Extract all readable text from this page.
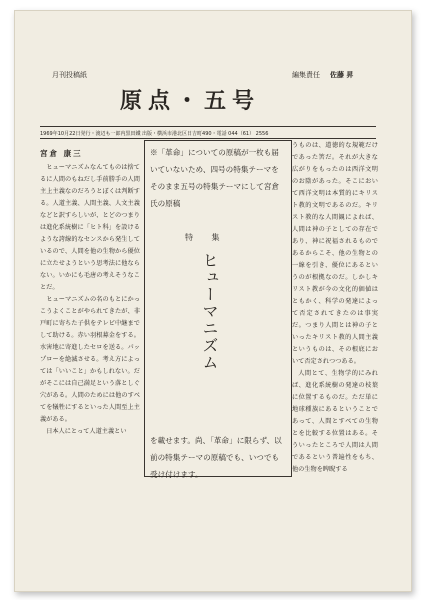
月刊投稿紙	編集責任 佐藤 昇
原点・五号
1969年10月22日発行・渡辺も一郎内黒田鐵 出版・横浜市港北区日吉町490・電話 044（61） 2556
宮倉 康三

ヒューマニズムなんてものは捨てるに人間のもねだし手前勝手の人間主上主義なのだろうとぼくは判断する。人道主義、人間主義、人文主義などと訳すらしいが、とどのつまりは進化系統樹に「ヒト科」を設けるような誇線的なセンスから発生しているので、人間を他の生物から優位に立たせようという思考法に他ならない。いかにも毛唐の考えそうなことだ。

ヒューマニズムの名のもとにかっこうよくことがやられてきたが、非戸町に寄ちた子供をテレビ中継までして助ける。赤い羽根募金をする。水害地に寄進したセロを送る。パップローを絶滅させる。考え方によっては「いいこと」かもしれない。だがそこには自己満足という落としぐ穴がある。人間のためには他のすべてを犠牲にするといった人間至上主義がある。

日本人にとって人道主義とい

※「革命」についての原稿が一枚も届いていないため、四号の特集テーマをそのまま五号の特集テーマにして宮倉氏の原稿
特 集
ヒューマニズム
を載せます。尚、「革命」に限らず、以前の特集テーマの原稿でも、いつでも受け付けます。

うものは、道徳的な規範だけであった筈だ。それが大きな広がりをもったのは西洋文明のお陰があった。そこにおいて西洋文明は本質的にキリスト教的文明であるのだ。キリスト教的な人間観によれば、人間は神の子としての存在であり、神に祝福されるものであるからこそ、他の生物との一線を引き、優位にあるというのが根拠なのだ。しかしキリスト教が今の文化的価値はともかく、科学の発達によって否定されてきたのは事実だ。つまり人間とは神の子といったキリスト教的人間主義というものは、その根底において否定されつつある。

人間とて、生物学的にみれば、進化系統樹の発達の枝葉に位置するものだ。ただ単に地球種族にあるということであって、人間とすべての生物とを比較する位置はある。そういったところで人間は人間であるという普遍性をもち、他の生物を睥睨する
